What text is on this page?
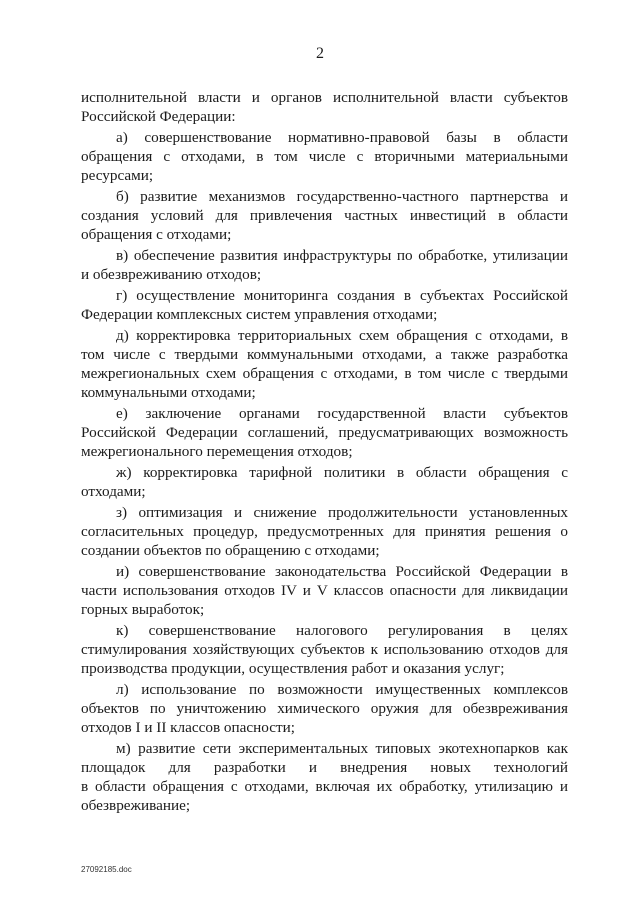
2
исполнительной власти и органов исполнительной власти субъектов
Российской Федерации:
а) совершенствование нормативно-правовой базы в области
обращения с отходами, в том числе с вторичными материальными
ресурсами;
б) развитие механизмов государственно-частного партнерства и
создания условий для привлечения частных инвестиций в области
обращения с отходами;
в) обеспечение развития инфраструктуры по обработке, утилизации
и обезвреживанию отходов;
г) осуществление мониторинга создания в субъектах Российской
Федерации комплексных систем управления отходами;
д) корректировка территориальных схем обращения с отходами, в
том числе с твердыми коммунальными отходами, а также разработка
межрегиональных схем обращения с отходами, в том числе с твердыми
коммунальными отходами;
е) заключение органами государственной власти субъектов
Российской Федерации соглашений, предусматривающих возможность
межрегионального перемещения отходов;
ж) корректировка тарифной политики в области обращения с
отходами;
з) оптимизация и снижение продолжительности установленных
согласительных процедур, предусмотренных для принятия решения о
создании объектов по обращению с отходами;
и) совершенствование законодательства Российской Федерации в
части использования отходов IV и V классов опасности для ликвидации
горных выработок;
к) совершенствование налогового регулирования в целях
стимулирования хозяйствующих субъектов к использованию отходов для
производства продукции, осуществления работ и оказания услуг;
л) использование по возможности имущественных комплексов
объектов по уничтожению химического оружия для обезвреживания
отходов I и II классов опасности;
м) развитие сети экспериментальных типовых экотехнопарков как
площадок для разработки и внедрения новых технологий
в области обращения с отходами, включая их обработку, утилизацию и
обезвреживание;
27092185.doc
